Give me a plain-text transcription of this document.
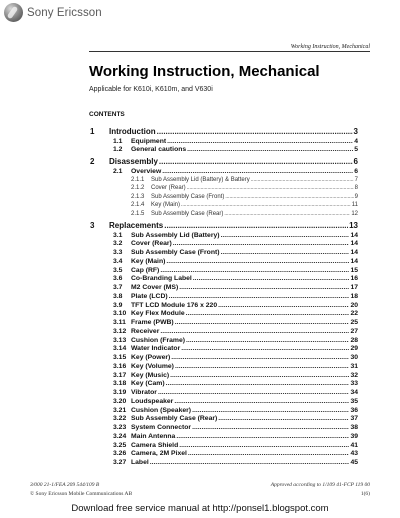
Sony Ericsson
Working Instruction, Mechanical
Working Instruction, Mechanical
Applicable for K610i, K610m, and V630i
CONTENTS
1	Introduction .....	3
1.1	Equipment .....	4
1.2	General cautions .....	5
2	Disassembly .....	6
2.1	Overview .....	6
2.1.1	Sub Assembly Lid (Battery) & Battery .....	7
2.1.2	Cover (Rear) .....	8
2.1.3	Sub Assembly Case (Front) .....	9
2.1.4	Key (Main) .....	11
2.1.5	Sub Assembly Case (Rear) .....	12
3	Replacements .....	13
3.1	Sub Assembly Lid (Battery) .....	14
3.2	Cover (Rear) .....	14
3.3	Sub Assembly Case (Front) .....	14
3.4	Key (Main) .....	14
3.5	Cap (RF) .....	15
3.6	Co-Branding Label .....	16
3.7	M2 Cover (MS) .....	17
3.8	Plate (LCD) .....	18
3.9	TFT LCD Module 176 x 220 .....	20
3.10 Key Flex Module .....	22
3.11 Frame (PWB) .....	25
3.12 Receiver .....	27
3.13 Cushion (Frame) .....	28
3.14 Water Indicator .....	29
3.15 Key (Power) .....	30
3.16 Key (Volume) .....	31
3.17 Key (Music) .....	32
3.18 Key (Cam) .....	33
3.19 Vibrator .....	34
3.20 Loudspeaker .....	35
3.21 Cushion (Speaker) .....	36
3.22 Sub Assembly Case (Rear) .....	37
3.23 System Connector .....	38
3.24 Main Antenna .....	39
3.25 Camera Shield .....	41
3.26 Camera, 2M Pixel .....	43
3.27 Label .....	45
3/000 21-1/FEA 209 544/109 B
© Sony Ericsson Mobile Communications AB
Approved according to 1/109 41-FCP 119 00
1(6)
Download free service manual at http://ponsel1.blogspot.com
